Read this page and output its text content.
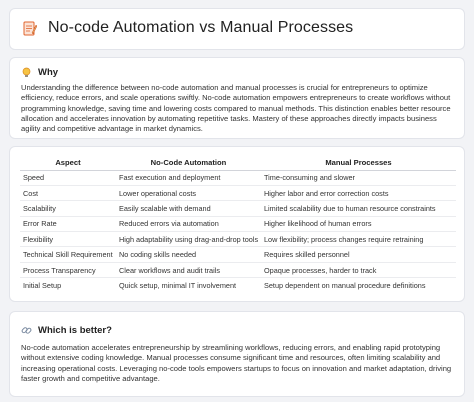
No-code Automation vs Manual Processes
Why

Understanding the difference between no-code automation and manual processes is crucial for entrepreneurs to optimize efficiency, reduce errors, and scale operations swiftly. No-code automation empowers entrepreneurs to create workflows without programming knowledge, saving time and lowering costs compared to manual methods. This distinction enables better resource allocation and accelerates innovation by automating repetitive tasks. Mastery of these approaches directly impacts business agility and competitive advantage in market dynamics.

Aspect	No-Code Automation	Manual Processes
Speed	Fast execution and deployment	Time-consuming and slower
Cost	Lower operational costs	Higher labor and error correction costs
Scalability	Easily scalable with demand	Limited scalability due to human resource constraints
Error Rate	Reduced errors via automation	Higher likelihood of human errors
Flexibility	High adaptability using drag-and-drop tools	Low flexibility; process changes require retraining
Technical Skill Requirement	No coding skills needed	Requires skilled personnel
Process Transparency	Clear workflows and audit trails	Opaque processes, harder to track
Initial Setup	Quick setup, minimal IT involvement	Setup dependent on manual procedure definitions
Which is better?

No-code automation accelerates entrepreneurship by streamlining workflows, reducing errors, and enabling rapid prototyping without extensive coding knowledge. Manual processes consume significant time and resources, often limiting scalability and increasing operational costs. Leveraging no-code tools empowers startups to focus on innovation and market adaptation, driving faster growth and competitive advantage.
